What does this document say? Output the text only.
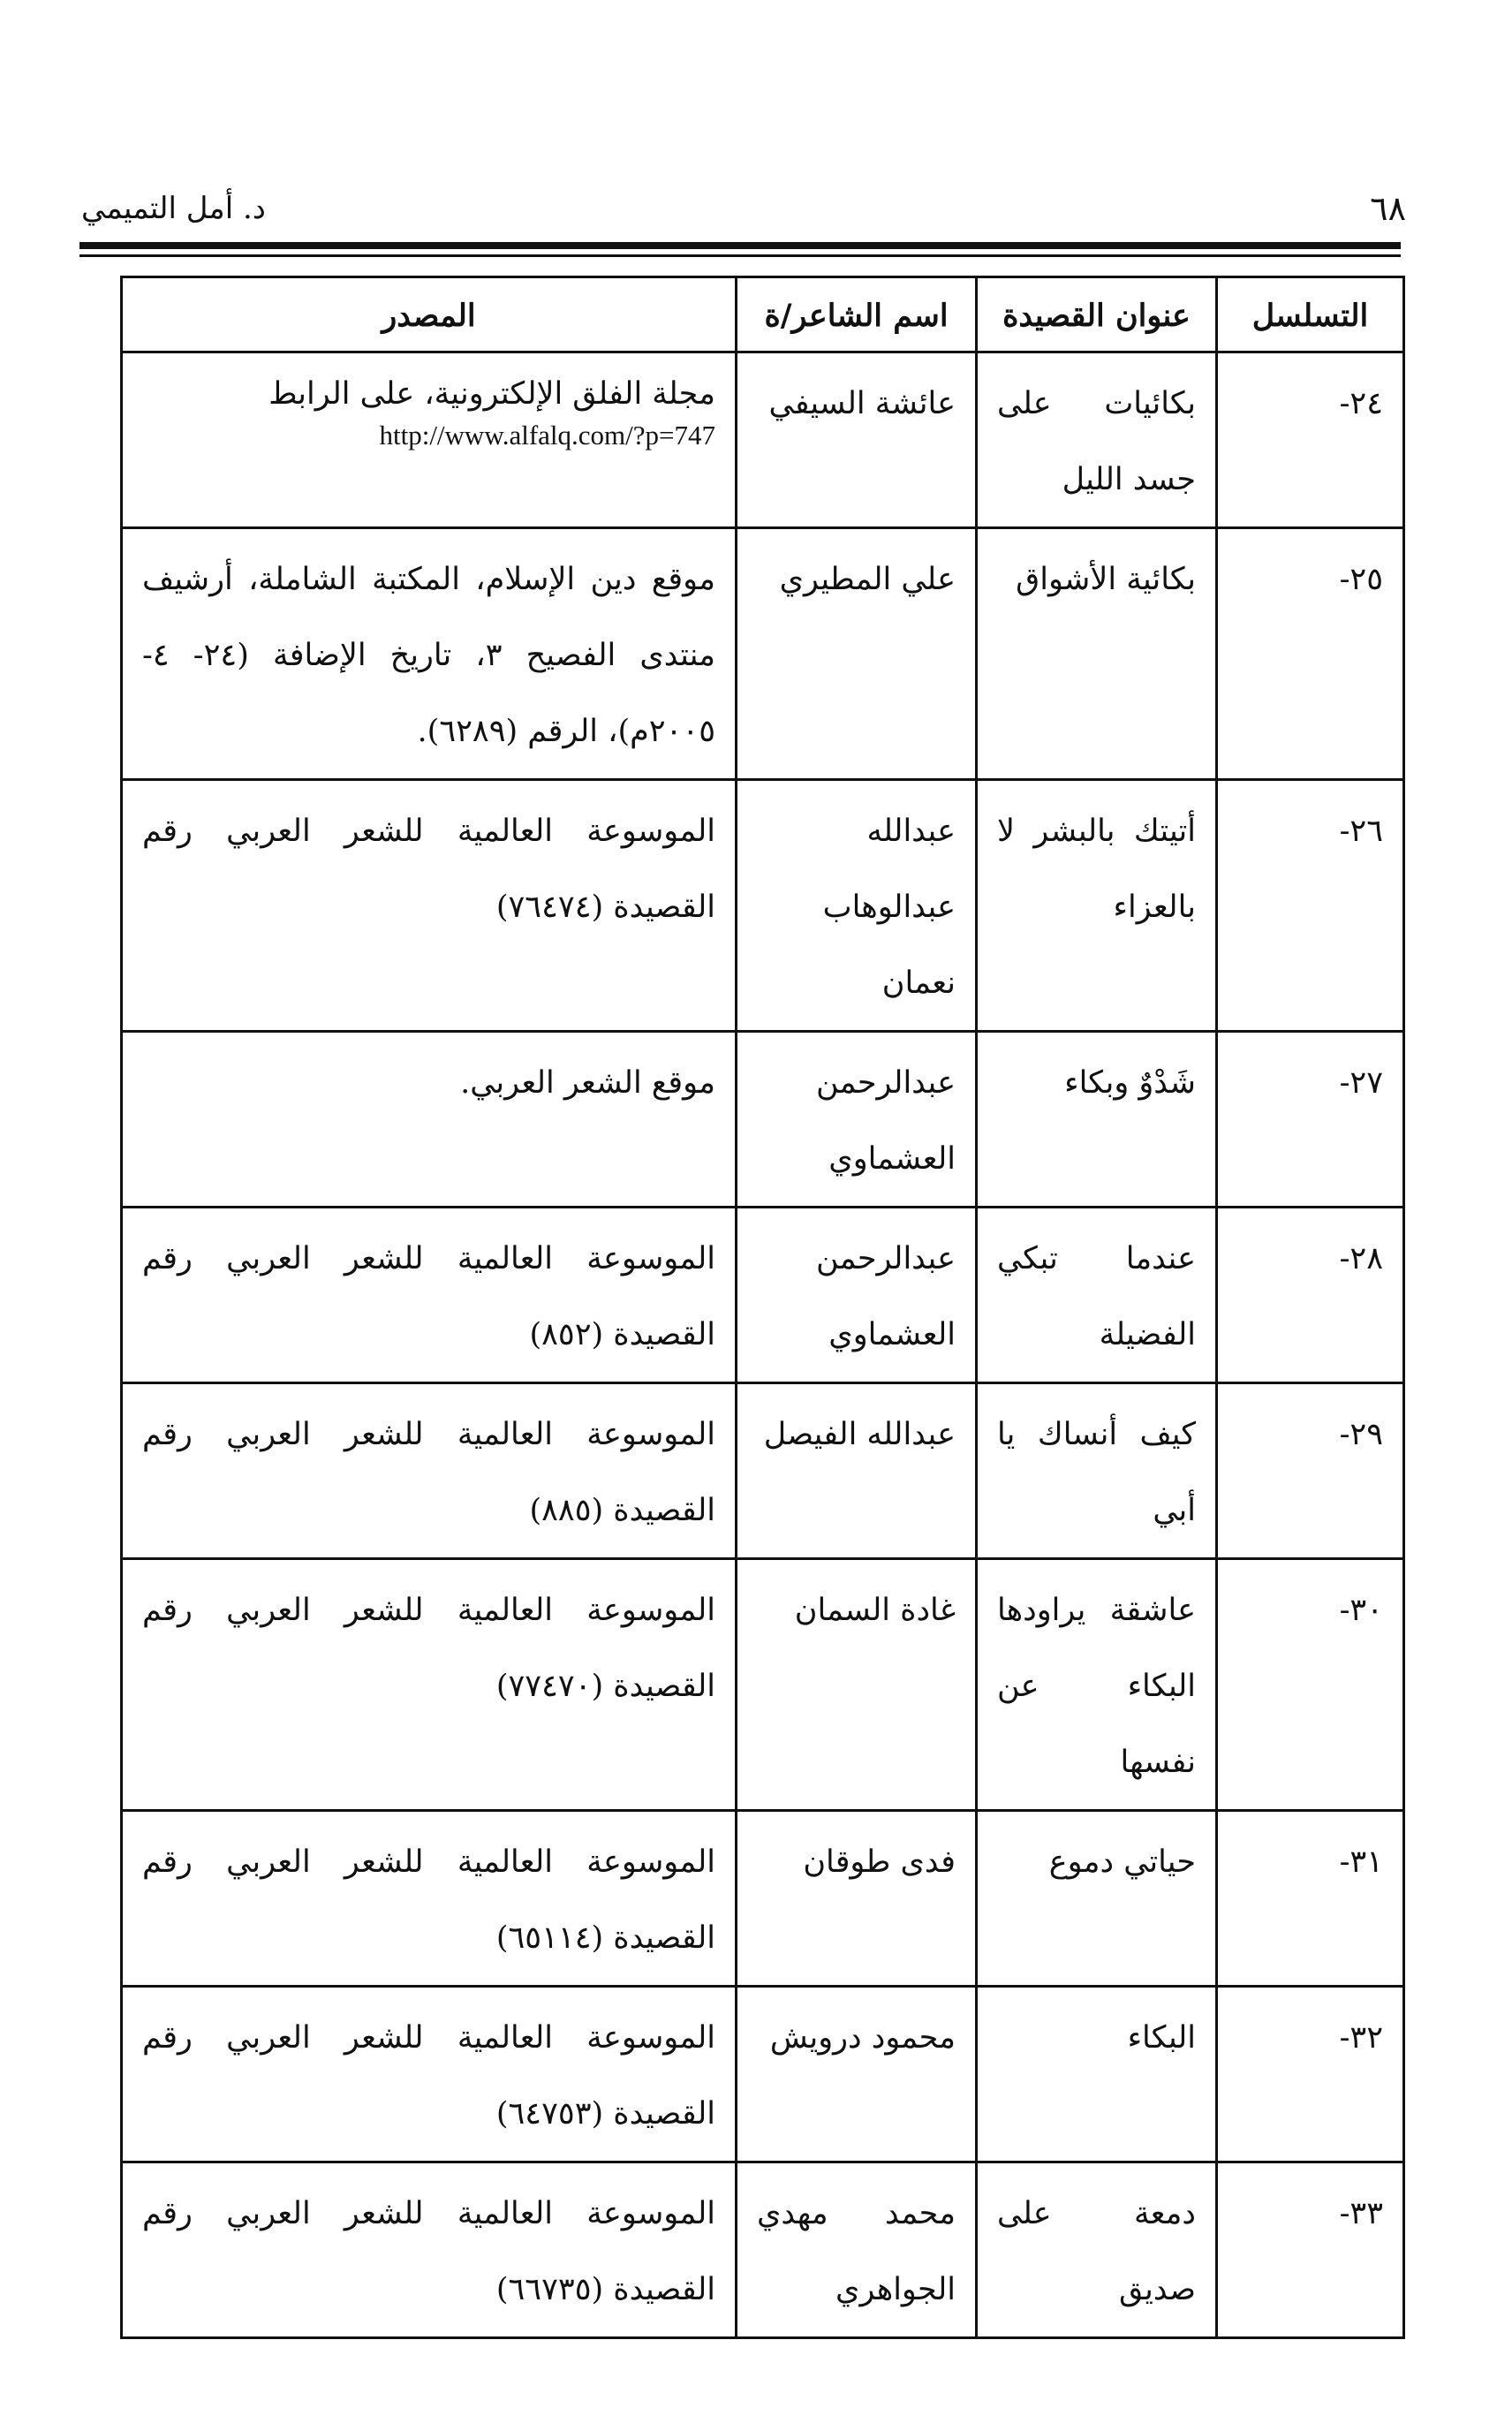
٦٨
د. أمل التميمي
التسلسل	عنوان القصيدة	اسم الشاعر/ة	المصدر
٢٤-	بكائيات على جسد الليل	عائشة السيفي	مجلة الفلق الإلكترونية، على الرابط
http://www.alfalq.com/?p=747

٢٥-	بكائية الأشواق	علي المطيري	موقع دين الإسلام، المكتبة الشاملة، أرشيف منتدى الفصيح ٣، تاريخ الإضافة (٢٤- ٤- ٢٠٠٥م)، الرقم (٦٢٨٩).
٢٦-	أتيتك بالبشر لا بالعزاء	عبدالله عبدالوهاب نعمان	الموسوعة العالمية للشعر العربي رقم القصيدة (٧٦٤٧٤)
٢٧-	شَدْوٌ وبكاء	عبدالرحمن العشماوي	موقع الشعر العربي.
٢٨-	عندما تبكي الفضيلة	عبدالرحمن العشماوي	الموسوعة العالمية للشعر العربي رقم القصيدة (٨٥٢)
٢٩-	كيف أنساك يا أبي	عبدالله الفيصل	الموسوعة العالمية للشعر العربي رقم القصيدة (٨٨٥)
٣٠-	عاشقة يراودها البكاء عن نفسها	غادة السمان	الموسوعة العالمية للشعر العربي رقم القصيدة (٧٧٤٧٠)
٣١-	حياتي دموع	فدى طوقان	الموسوعة العالمية للشعر العربي رقم القصيدة (٦٥١١٤)
٣٢-	البكاء	محمود درويش	الموسوعة العالمية للشعر العربي رقم القصيدة (٦٤٧٥٣)
٣٣-	دمعة على صديق	محمد مهدي الجواهري	الموسوعة العالمية للشعر العربي رقم القصيدة (٦٦٧٣٥)
